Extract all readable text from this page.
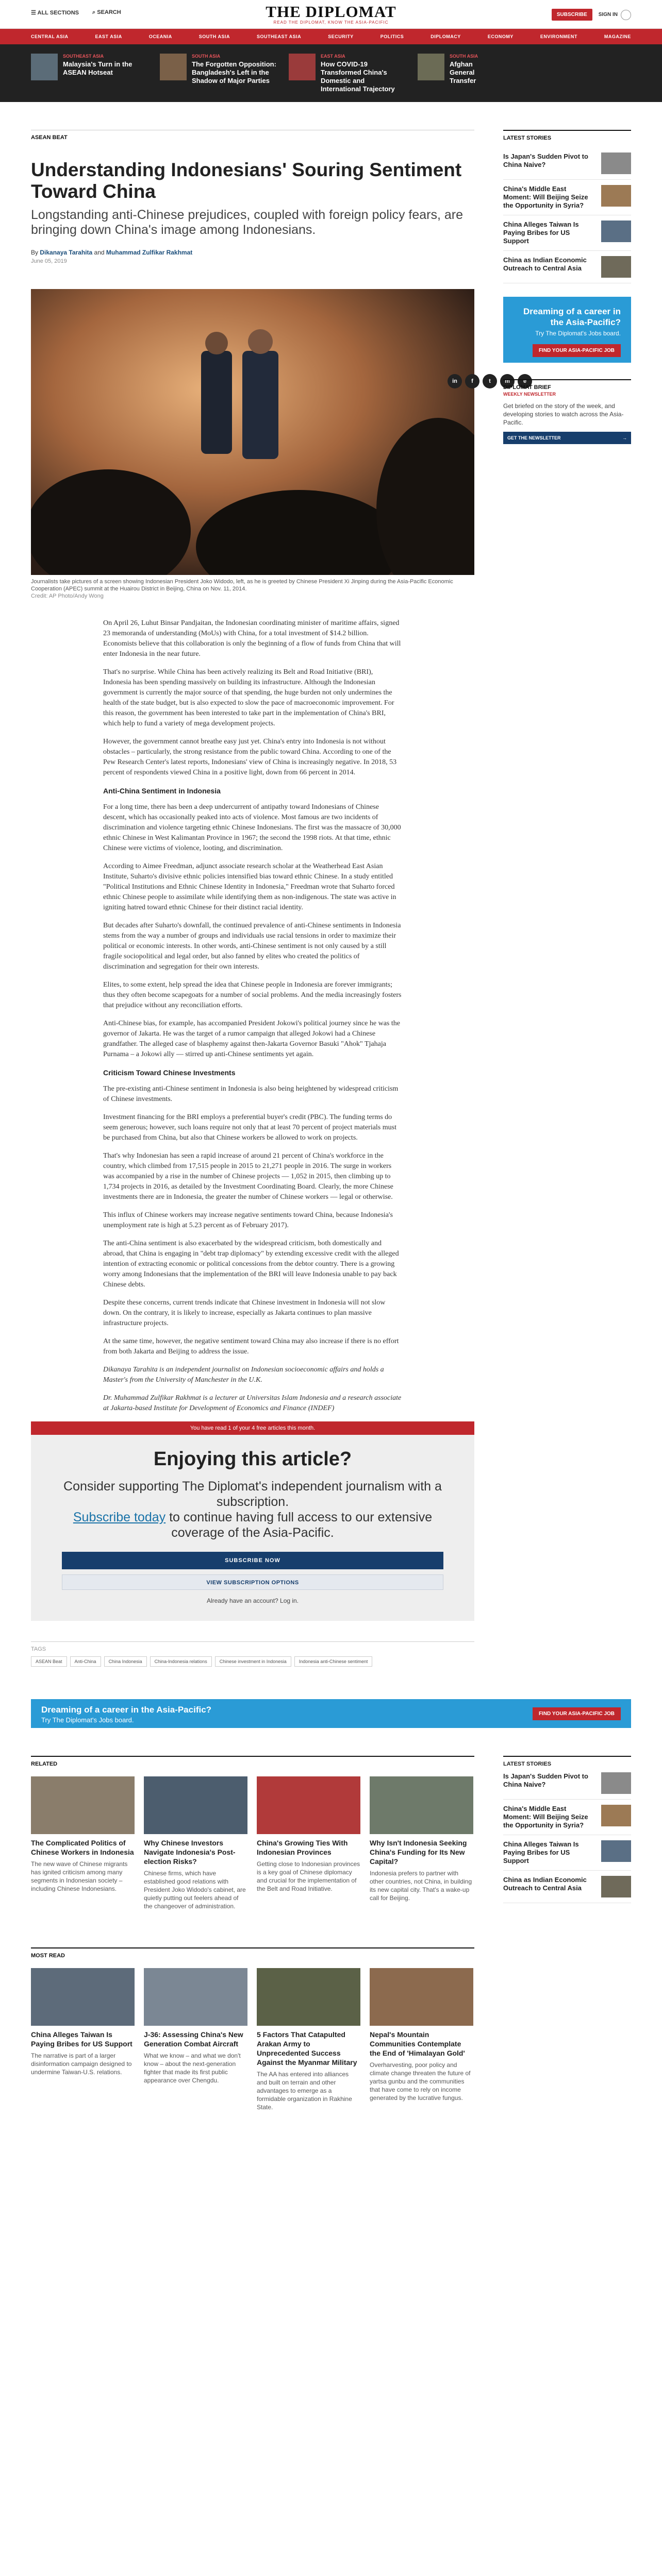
☰ ALL SECTIONS ⌕ SEARCH	THE DIPLOMAT
READ THE DIPLOMAT, KNOW THE ASIA-PACIFIC
SUBSCRIBE	SIGN IN
CENTRAL ASIA	EAST ASIA	OCEANIA	SOUTH ASIA	SOUTHEAST ASIA	SECURITY	POLITICS	DIPLOMACY	ECONOMY	ENVIRONMENT	MAGAZINE
SOUTHEAST ASIA
Malaysia's Turn in the ASEAN Hotseat
SOUTH ASIA
The Forgotten Opposition: Bangladesh's Left in the Shadow of Major Parties
EAST ASIA
How COVID-19 Transformed China's Domestic and International Trajectory
SOUTH ASIA
Afghan General Transfer
ASEAN BEAT
Understanding Indonesians' Souring Sentiment Toward China
Longstanding anti-Chinese prejudices, coupled with foreign policy fears, are bringing down China's image among Indonesians.
By Dikanaya Tarahita and Muhammad Zulfikar Rakhmat
June 05, 2019
Journalists take pictures of a screen showing Indonesian President Joko Widodo, left, as he is greeted by Chinese President Xi Jinping during the Asia-Pacific Economic Cooperation (APEC) summit at the Huairou District in Beijing, China on Nov. 11, 2014.
Credit: AP Photo/Andy Wong

On April 26, Luhut Binsar Pandjaitan, the Indonesian coordinating minister of maritime affairs, signed 23 memoranda of understanding (MoUs) with China, for a total investment of $14.2 billion. Economists believe that this collaboration is only the beginning of a flow of funds from China that will enter Indonesia in the near future.

That's no surprise. While China has been actively realizing its Belt and Road Initiative (BRI), Indonesia has been spending massively on building its infrastructure. Although the Indonesian government is currently the major source of that spending, the huge burden not only undermines the health of the state budget, but is also expected to slow the pace of macroeconomic improvement. For this reason, the government has been interested to take part in the implementation of China's BRI, which help to fund a variety of mega development projects.

However, the government cannot breathe easy just yet. China's entry into Indonesia is not without obstacles – particularly, the strong resistance from the public toward China. According to one of the Pew Research Center's latest reports, Indonesians' view of China is increasingly negative. In 2018, 53 percent of respondents viewed China in a positive light, down from 66 percent in 2014.

Anti-China Sentiment in Indonesia

For a long time, there has been a deep undercurrent of antipathy toward Indonesians of Chinese descent, which has occasionally peaked into acts of violence. Most famous are two incidents of discrimination and violence targeting ethnic Chinese Indonesians. The first was the massacre of 30,000 ethnic Chinese in West Kalimantan Province in 1967; the second the 1998 riots. At that time, ethnic Chinese were victims of violence, looting, and discrimination.

According to Aimee Freedman, adjunct associate research scholar at the Weatherhead East Asian Institute, Suharto's divisive ethnic policies intensified bias toward ethnic Chinese. In a study entitled "Political Institutions and Ethnic Chinese Identity in Indonesia," Freedman wrote that Suharto forced ethnic Chinese people to assimilate while identifying them as non-indigenous. The state was active in igniting hatred toward ethnic Chinese for their distinct racial identity.

But decades after Suharto's downfall, the continued prevalence of anti-Chinese sentiments in Indonesia stems from the way a number of groups and individuals use racial tensions in order to maximize their political or economic interests. In other words, anti-Chinese sentiment is not only caused by a still fragile sociopolitical and legal order, but also fanned by elites who created the politics of discrimination and segregation for their own interests.

Elites, to some extent, help spread the idea that Chinese people in Indonesia are forever immigrants; thus they often become scapegoats for a number of social problems. And the media increasingly fosters that prejudice without any reconciliation efforts.

Anti-Chinese bias, for example, has accompanied President Jokowi's political journey since he was the governor of Jakarta. He was the target of a rumor campaign that alleged Jokowi had a Chinese grandfather. The alleged case of blasphemy against then-Jakarta Governor Basuki "Ahok" Tjahaja Purnama – a Jokowi ally — stirred up anti-Chinese sentiments yet again.

Criticism Toward Chinese Investments

The pre-existing anti-Chinese sentiment in Indonesia is also being heightened by widespread criticism of Chinese investments.

Investment financing for the BRI employs a preferential buyer's credit (PBC). The funding terms do seem generous; however, such loans require not only that at least 70 percent of project materials must be purchased from China, but also that Chinese workers be allowed to work on projects.

That's why Indonesian has seen a rapid increase of around 21 percent of China's workforce in the country, which climbed from 17,515 people in 2015 to 21,271 people in 2016. The surge in workers was accompanied by a rise in the number of Chinese projects — 1,052 in 2015, then climbing up to 1,734 projects in 2016, as detailed by the Investment Coordinating Board. Clearly, the more Chinese investments there are in Indonesia, the greater the number of Chinese workers — legal or otherwise.

This influx of Chinese workers may increase negative sentiments toward China, because Indonesia's unemployment rate is high at 5.23 percent as of February 2017).

The anti-China sentiment is also exacerbated by the widespread criticism, both domestically and abroad, that China is engaging in "debt trap diplomacy" by extending excessive credit with the alleged intention of extracting economic or political concessions from the debtor country. There is a growing worry among Indonesians that the implementation of the BRI will leave Indonesia unable to pay back Chinese debts.

Despite these concerns, current trends indicate that Chinese investment in Indonesia will not slow down. On the contrary, it is likely to increase, especially as Jakarta continues to plan massive infrastructure projects.

At the same time, however, the negative sentiment toward China may also increase if there is no effort from both Jakarta and Beijing to address the issue.

Dikanaya Tarahita is an independent journalist on Indonesian socioeconomic affairs and holds a Master's from the University of Manchester in the U.K.

Dr. Muhammad Zulfikar Rakhmat is a lecturer at Universitas Islam Indonesia and a research associate at Jakarta-based Institute for Development of Economics and Finance (INDEF)

You have read 1 of your 4 free articles this month.
Enjoying this article?
Consider supporting The Diplomat's independent journalism with a subscription.
Subscribe today to continue having full access to our extensive coverage of the Asia-Pacific.
SUBSCRIBE NOW
VIEW SUBSCRIPTION OPTIONS
Already have an account? Log in.
TAGS
ASEAN Beat	Anti-China	China Indonesia	China-Indonesia relations	Chinese investment in Indonesia	Indonesia anti-Chinese sentiment
in	f	t	m	e
LATEST STORIES
Is Japan's Sudden Pivot to China Naive?
China's Middle East Moment: Will Beijing Seize the Opportunity in Syria?
China Alleges Taiwan Is Paying Bribes for US Support
China as Indian Economic Outreach to Central Asia
Dreaming of a career in the Asia-Pacific?
Try The Diplomat's Jobs board.
FIND YOUR ASIA-PACIFIC JOB
DIPLOMAT BRIEF
WEEKLY NEWSLETTER
Get briefed on the story of the week, and developing stories to watch across the Asia-Pacific.
GET THE NEWSLETTER	→
Dreaming of a career in the Asia-Pacific?
Try The Diplomat's Jobs board.
FIND YOUR ASIA-PACIFIC JOB
RELATED
The Complicated Politics of Chinese Workers in Indonesia
The new wave of Chinese migrants has ignited criticism among many segments in Indonesian society – including Chinese Indonesians.
Why Chinese Investors Navigate Indonesia's Post-election Risks?
Chinese firms, which have established good relations with President Joko Widodo's cabinet, are quietly putting out feelers ahead of the changeover of administration.
China's Growing Ties With Indonesian Provinces
Getting close to Indonesian provinces is a key goal of Chinese diplomacy and crucial for the implementation of the Belt and Road Initiative.
Why Isn't Indonesia Seeking China's Funding for Its New Capital?
Indonesia prefers to partner with other countries, not China, in building its new capital city. That's a wake-up call for Beijing.
MOST READ
China Alleges Taiwan Is Paying Bribes for US Support
The narrative is part of a larger disinformation campaign designed to undermine Taiwan-U.S. relations.
J-36: Assessing China's New Generation Combat Aircraft
What we know – and what we don't know – about the next-generation fighter that made its first public appearance over Chengdu.
5 Factors That Catapulted Arakan Army to Unprecedented Success Against the Myanmar Military
The AA has entered into alliances and built on terrain and other advantages to emerge as a formidable organization in Rakhine State.
Nepal's Mountain Communities Contemplate the End of 'Himalayan Gold'
Overharvesting, poor policy and climate change threaten the future of yartsa gunbu and the communities that have come to rely on income generated by the lucrative fungus.
LATEST STORIES
Is Japan's Sudden Pivot to China Naive?
China's Middle East Moment: Will Beijing Seize the Opportunity in Syria?
China Alleges Taiwan Is Paying Bribes for US Support
China as Indian Economic Outreach to Central Asia
